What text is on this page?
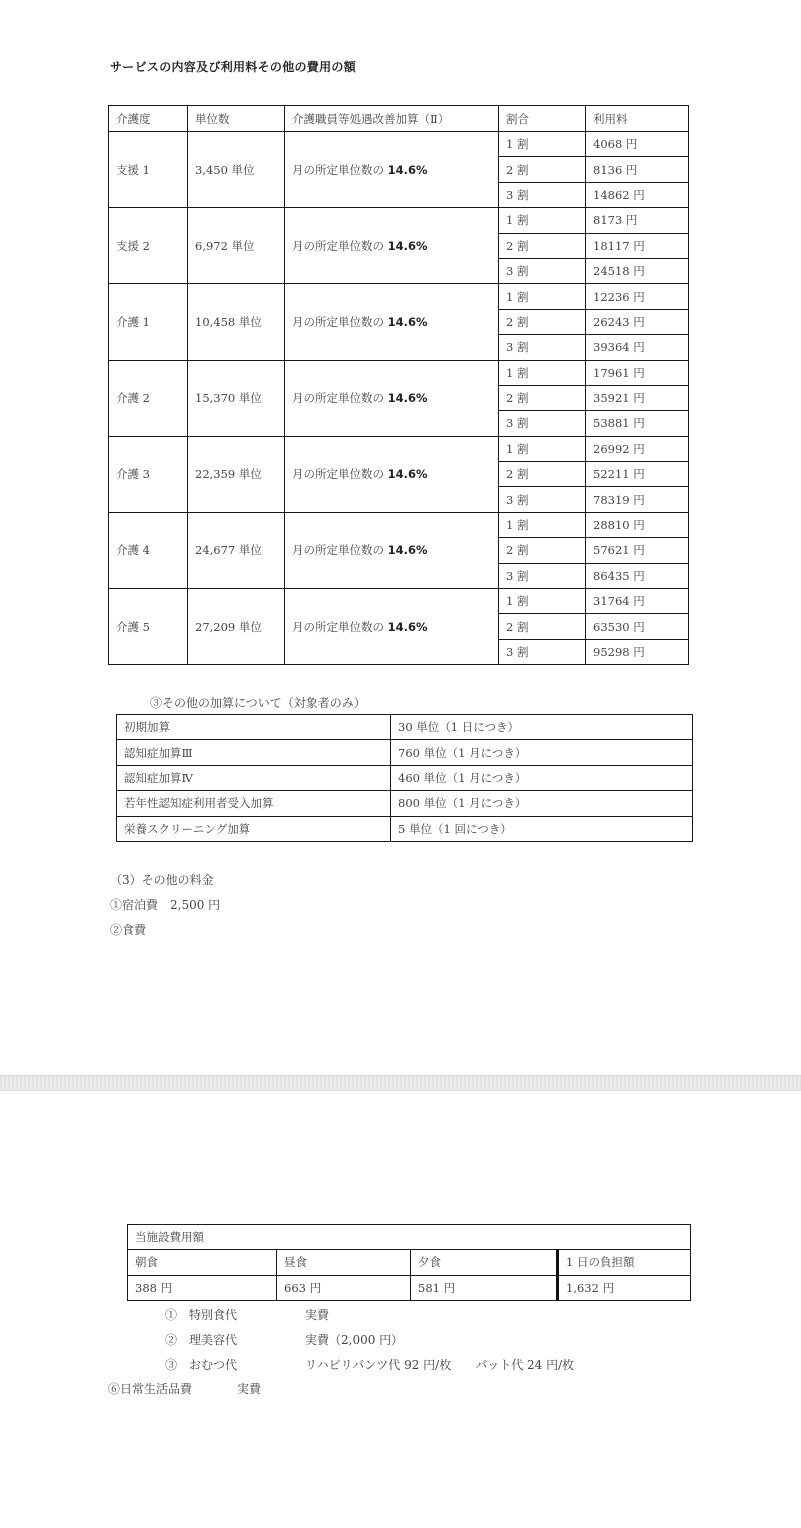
サービスの内容及び利用料その他の費用の額
介護度	単位数	介護職員等処遇改善加算（Ⅱ）	割合	利用料
支援 1	3,450 単位	月の所定単位数の 14.6%	1 割	4068 円
			2 割	8136 円
			3 割	14862 円
支援 2	6,972 単位	月の所定単位数の 14.6%	1 割	8173 円
			2 割	18117 円
			3 割	24518 円
介護 1	10,458 単位	月の所定単位数の 14.6%	1 割	12236 円
			2 割	26243 円
			3 割	39364 円
介護 2	15,370 単位	月の所定単位数の 14.6%	1 割	17961 円
			2 割	35921 円
			3 割	53881 円
介護 3	22,359 単位	月の所定単位数の 14.6%	1 割	26992 円
			2 割	52211 円
			3 割	78319 円
介護 4	24,677 単位	月の所定単位数の 14.6%	1 割	28810 円
			2 割	57621 円
			3 割	86435 円
介護 5	27,209 単位	月の所定単位数の 14.6%	1 割	31764 円
			2 割	63530 円
			3 割	95298 円
③その他の加算について（対象者のみ）
初期加算	30 単位（1 日につき）
認知症加算Ⅲ	760 単位（1 月につき）
認知症加算Ⅳ	460 単位（1 月につき）
若年性認知症利用者受入加算	800 単位（1 月につき）
栄養スクリーニング加算	5 単位（1 回につき）
（3）その他の料金
①宿泊費　2,500 円
②食費
当施設費用額			
朝食	昼食	夕食	1 日の負担額
388 円	663 円	581 円	1,632 円
①　特別食代	実費
②　理美容代	実費（2,000 円）
③　おむつ代	リハビリパンツ代 92 円/枚　　パット代 24 円/枚
⑥日常生活品費	実費
